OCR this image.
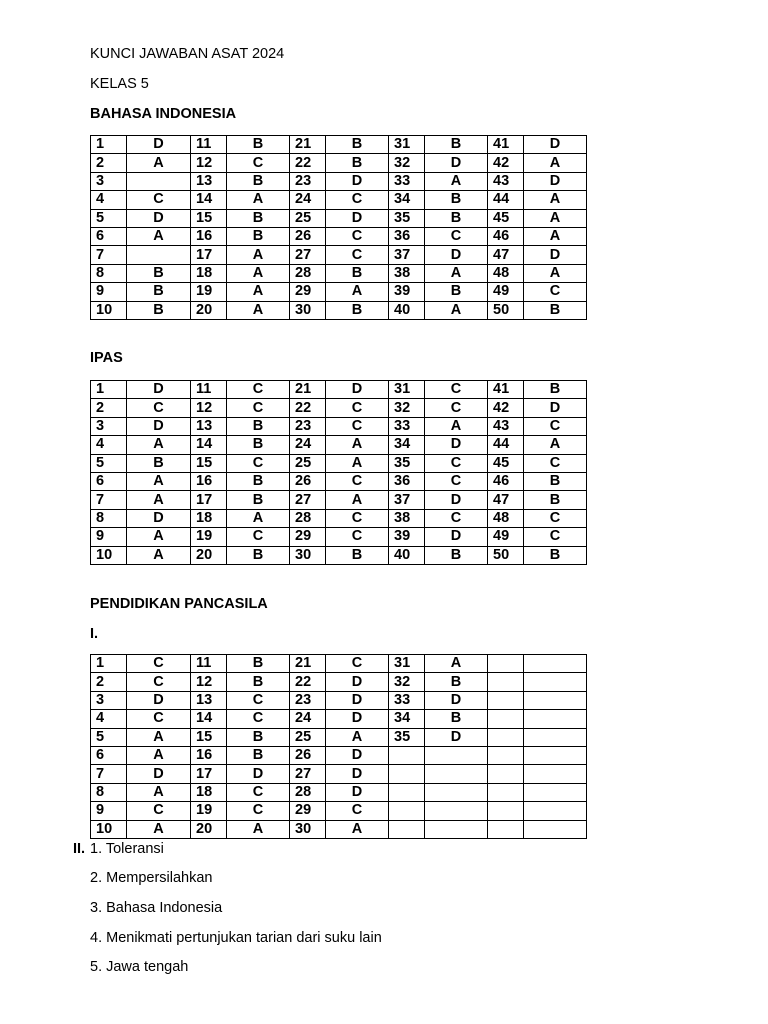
KUNCI JAWABAN ASAT 2024
KELAS 5
BAHASA INDONESIA
1	D	11	B	21	B	31	B	41	D
2	A	12	C	22	B	32	D	42	A
3		13	B	23	D	33	A	43	D
4	C	14	A	24	C	34	B	44	A
5	D	15	B	25	D	35	B	45	A
6	A	16	B	26	C	36	C	46	A
7		17	A	27	C	37	D	47	D
8	B	18	A	28	B	38	A	48	A
9	B	19	A	29	A	39	B	49	C
10	B	20	A	30	B	40	A	50	B
IPAS
1	D	11	C	21	D	31	C	41	B
2	C	12	C	22	C	32	C	42	D
3	D	13	B	23	C	33	A	43	C
4	A	14	B	24	A	34	D	44	A
5	B	15	C	25	A	35	C	45	C
6	A	16	B	26	C	36	C	46	B
7	A	17	B	27	A	37	D	47	B
8	D	18	A	28	C	38	C	48	C
9	A	19	C	29	C	39	D	49	C
10	A	20	B	30	B	40	B	50	B
PENDIDIKAN PANCASILA
I.
1	C	11	B	21	C	31	A		
2	C	12	B	22	D	32	B		
3	D	13	C	23	D	33	D		
4	C	14	C	24	D	34	B		
5	A	15	B	25	A	35	D		
6	A	16	B	26	D				
7	D	17	D	27	D				
8	A	18	C	28	D				
9	C	19	C	29	C				
10	A	20	A	30	A				
1. Toleransi
2. Mempersilahkan
3. Bahasa Indonesia
4. Menikmati pertunjukan tarian dari suku lain
5. Jawa tengah
II.
